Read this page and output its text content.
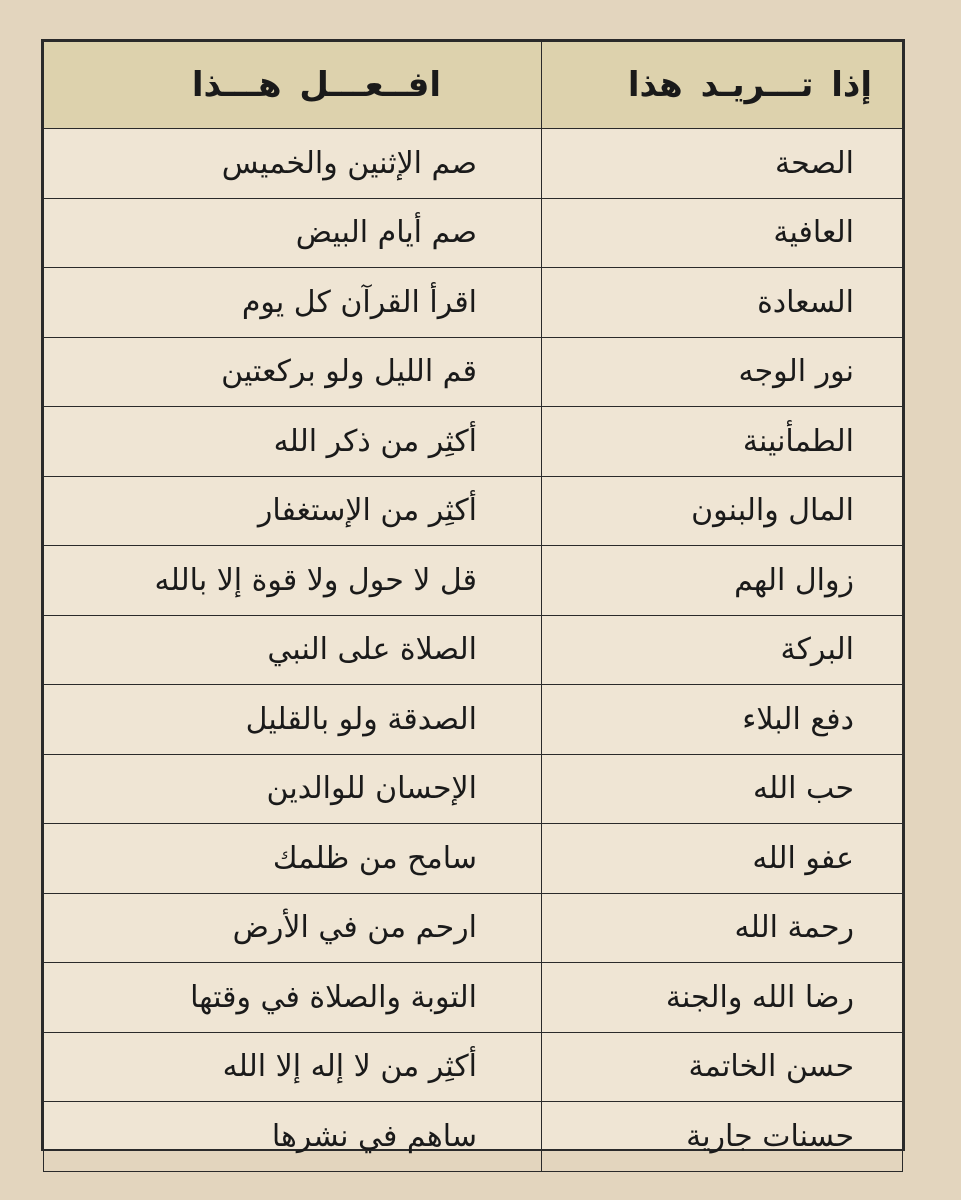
إذا تـــريـد هذا	افــعـــل هـــذا
الصحة	صم الإثنين والخميس
العافية	صم أيام البيض
السعادة	اقرأ القرآن كل يوم
نور الوجه	قم الليل ولو بركعتين
الطمأنينة	أكثِر من ذكر الله
المال والبنون	أكثِر من الإستغفار
زوال الهم	قل لا حول ولا قوة إلا بالله
البركة	الصلاة على النبي
دفع البلاء	الصدقة ولو بالقليل
حب الله	الإحسان للوالدين
عفو الله	سامح من ظلمك
رحمة الله	ارحم من في الأرض
رضا الله والجنة	التوبة والصلاة في وقتها
حسن الخاتمة	أكثِر من لا إله إلا الله
حسنات جارية	ساهم في نشرها
